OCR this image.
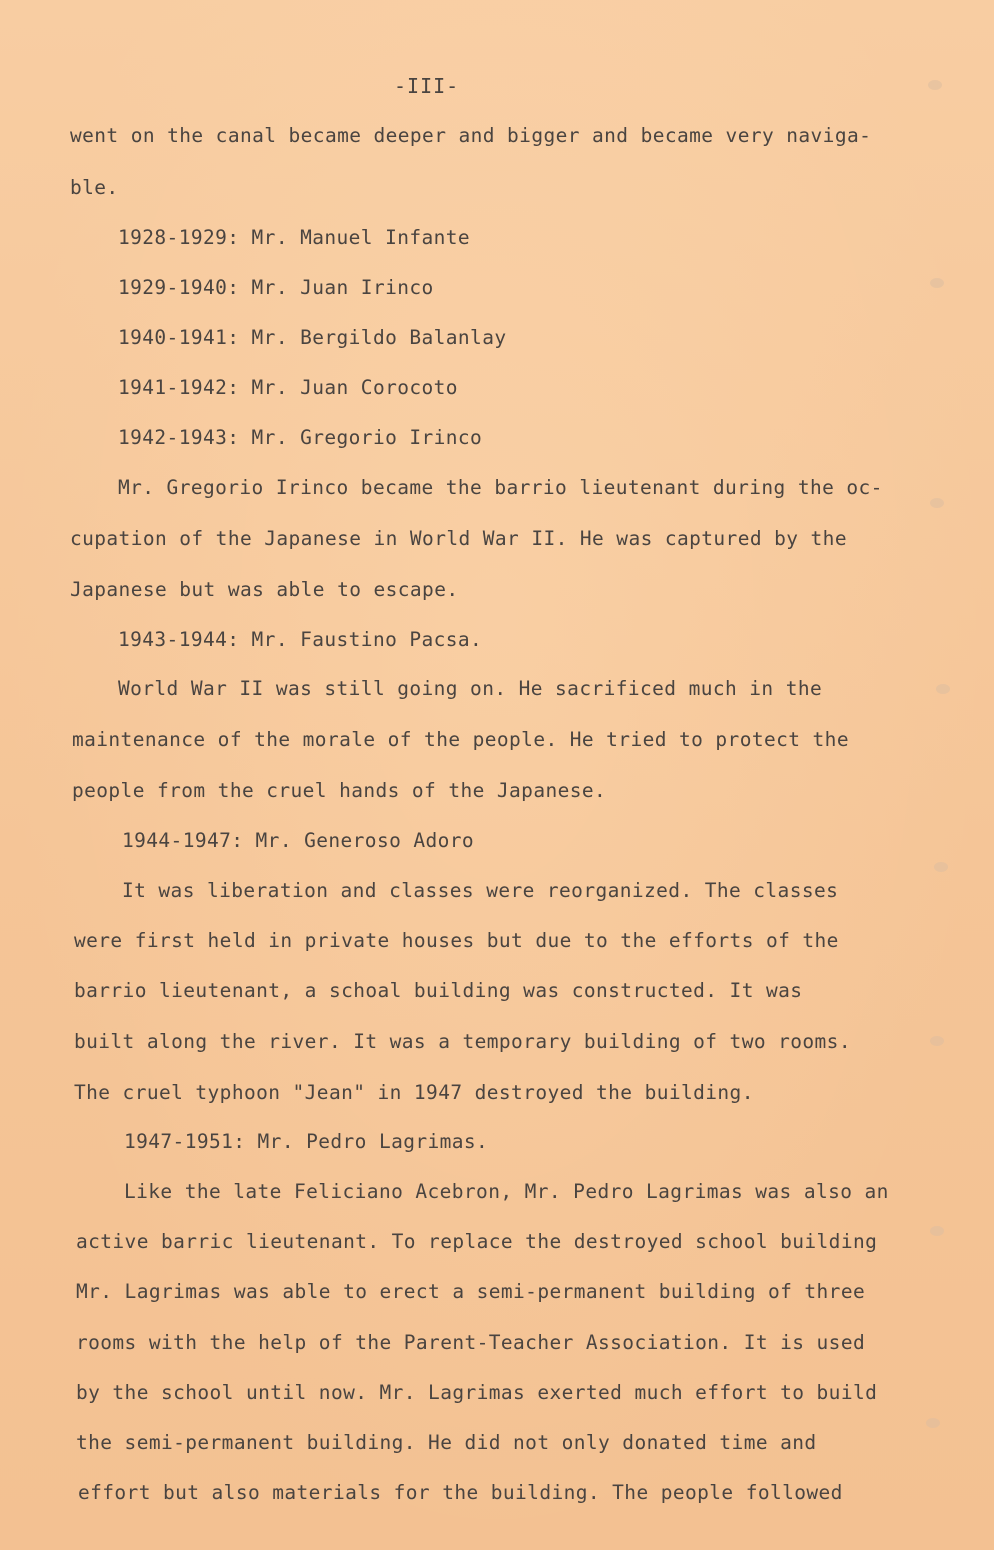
-III-
went on the canal became deeper and bigger and became very naviga-
ble.
1928-1929: Mr. Manuel Infante
1929-1940: Mr. Juan Irinco
1940-1941: Mr. Bergildo Balanlay
1941-1942: Mr. Juan Corocoto
1942-1943: Mr. Gregorio Irinco
Mr. Gregorio Irinco became the barrio lieutenant during the oc-
cupation of the Japanese in World War II. He was captured by the
Japanese but was able to escape.
1943-1944: Mr. Faustino Pacsa.
World War II was still going on. He sacrificed much in the
maintenance of the morale of the people. He tried to protect the
people from the cruel hands of the Japanese.
1944-1947: Mr. Generoso Adoro
It was liberation and classes were reorganized. The classes
were first held in private houses but due to the efforts of the
barrio lieutenant, a schoal building was constructed. It was
built along the river. It was a temporary building of two rooms.
The cruel typhoon "Jean" in 1947 destroyed the building.
1947-1951: Mr. Pedro Lagrimas.
Like the late Feliciano Acebron, Mr. Pedro Lagrimas was also an
active barric lieutenant. To replace the destroyed school building
Mr. Lagrimas was able to erect a semi-permanent building of three
rooms with the help of the Parent-Teacher Association. It is used
by the school until now. Mr. Lagrimas exerted much effort to build
the semi-permanent building. He did not only donated time and
effort but also materials for the building. The people followed
